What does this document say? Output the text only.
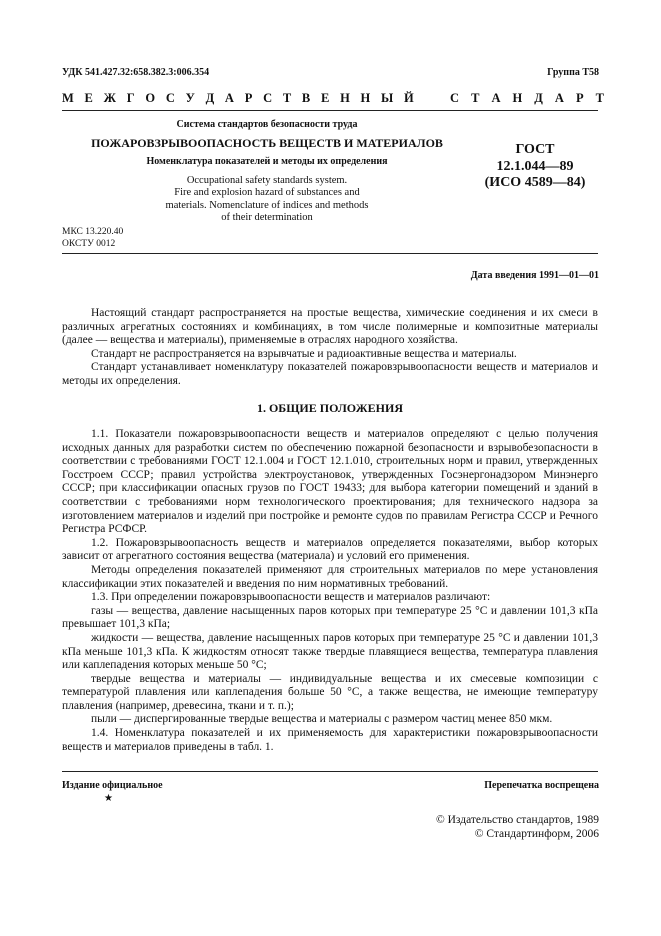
УДК 541.427.32:658.382.3:006.354	Группа Т58
М Е Ж Г О С У Д А Р С Т В Е Н Н Ы Й	С Т А Н Д А Р Т
Система стандартов безопасности труда
ПОЖАРОВЗРЫВООПАСНОСТЬ ВЕЩЕСТВ И МАТЕРИАЛОВ
Номенклатура показателей и методы их определения
Occupational safety standards system.
Fire and explosion hazard of substances and
materials. Nomenclature of indices and methods
of their determination
ГОСТ
12.1.044—89
(ИСО 4589—84)
МКС 13.220.40
ОКСТУ 0012
Дата введения 1991—01—01

Настоящий стандарт распространяется на простые вещества, химические соединения и их смеси в различных агрегатных состояниях и комбинациях, в том числе полимерные и композитные материалы (далее — вещества и материалы), применяемые в отраслях народного хозяйства.

Стандарт не распространяется на взрывчатые и радиоактивные вещества и материалы.

Стандарт устанавливает номенклатуру показателей пожаровзрывоопасности веществ и материалов и методы их определения.

1. ОБЩИЕ ПОЛОЖЕНИЯ

1.1. Показатели пожаровзрывоопасности веществ и материалов определяют с целью получения исходных данных для разработки систем по обеспечению пожарной безопасности и взрывобезопасности в соответствии с требованиями ГОСТ 12.1.004 и ГОСТ 12.1.010, строительных норм и правил, утвержденных Госстроем СССР; правил устройства электроустановок, утвержденных Госэнергонадзором Минэнерго СССР; при классификации опасных грузов по ГОСТ 19433; для выбора категории помещений и зданий в соответствии с требованиями норм технологического проектирования; для технического надзора за изготовлением материалов и изделий при постройке и ремонте судов по правилам Регистра СССР и Речного Регистра РСФСР.

1.2. Пожаровзрывоопасность веществ и материалов определяется показателями, выбор которых зависит от агрегатного состояния вещества (материала) и условий его применения.

Методы определения показателей применяют для строительных материалов по мере установления классификации этих показателей и введения по ним нормативных требований.

1.3. При определении пожаровзрывоопасности веществ и материалов различают:

газы — вещества, давление насыщенных паров которых при температуре 25 °С и давлении 101,3 кПа превышает 101,3 кПа;

жидкости — вещества, давление насыщенных паров которых при температуре 25 °С и давлении 101,3 кПа меньше 101,3 кПа. К жидкостям относят также твердые плавящиеся вещества, температура плавления или каплепадения которых меньше 50 °С;

твердые вещества и материалы — индивидуальные вещества и их смесевые композиции с температурой плавления или каплепадения больше 50 °С, а также вещества, не имеющие температуру плавления (например, древесина, ткани и т. п.);

пыли — диспергированные твердые вещества и материалы с размером частиц менее 850 мкм.

1.4. Номенклатура показателей и их применяемость для характеристики пожаровзрывоопасности веществ и материалов приведены в табл. 1.

Издание официальное
★
Перепечатка воспрещена
© Издательство стандартов, 1989
© Стандартинформ, 2006
